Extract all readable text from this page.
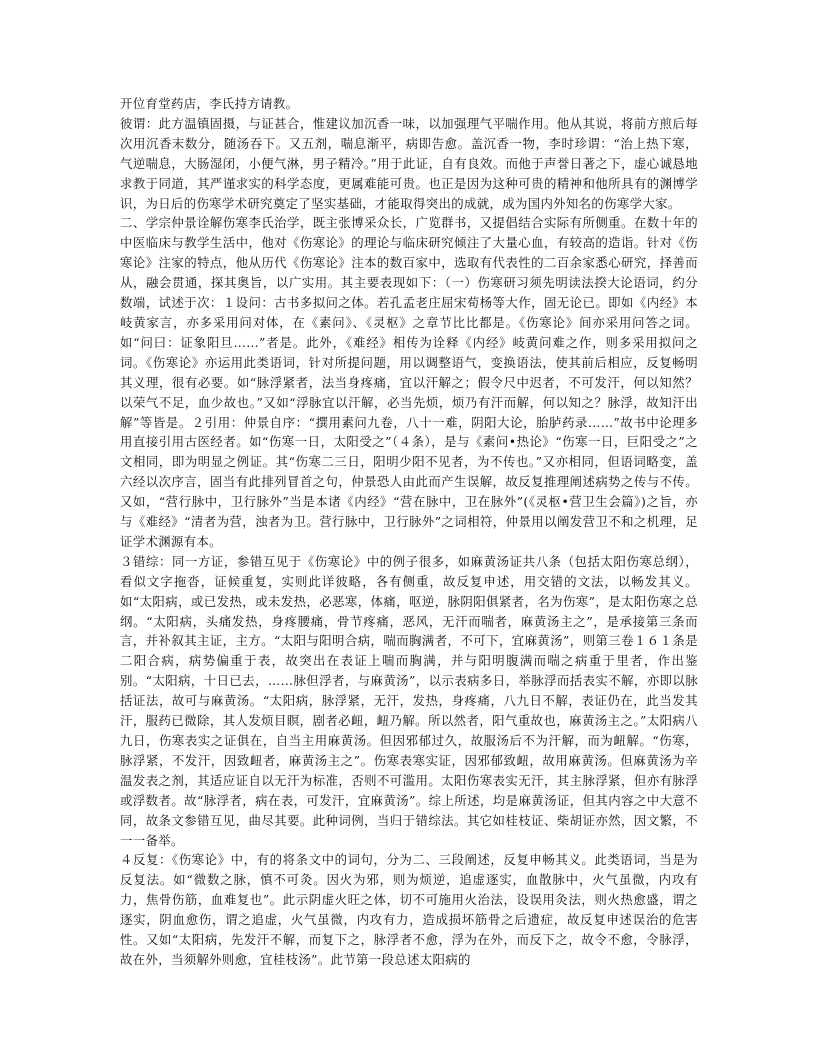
开位育堂药店，李氏持方请教。

彼谓：此方温镇固摄，与证甚合，惟建议加沉香一味，以加强理气平喘作用。他从其说，将前方煎后每次用沉香末数分，随汤吞下。又五剂，喘息渐平，病即告愈。盖沉香一物，李时珍谓：“治上热下寒，气逆喘息，大肠湿闭，小便气淋，男子精冷。”用于此证，自有良效。而他于声誉日著之下，虚心诚恳地求教于同道，其严谨求实的科学态度，更属难能可贵。也正是因为这种可贵的精神和他所具有的渊博学识，为日后的伤寒学术研究奠定了坚实基础，才能取得突出的成就，成为国内外知名的伤寒学大家。

二、学宗仲景诠解伤寒李氏治学，既主张博采众长，广览群书，又提倡结合实际有所侧重。在数十年的中医临床与教学生活中，他对《伤寒论》的理论与临床研究倾注了大量心血，有较高的造诣。针对《伤寒论》注家的特点，他从历代《伤寒论》注本的数百家中，选取有代表性的二百余家悉心研究，择善而从，融会贯通，探其奥旨，以广实用。其主要表现如下：（一）伤寒研习须先明读法揆大论语词，约分数端，试述于次：１设问：古书多拟问之体。若孔孟老庄屈宋荀杨等大作，固无论已。即如《内经》本岐黄家言，亦多采用问对体，在《素问》、《灵枢》之章节比比都是。《伤寒论》间亦采用问答之词。如“问曰：证象阳旦……”者是。此外，《难经》相传为诠释《内经》岐黄问难之作，则多采用拟问之词。《伤寒论》亦运用此类语词，针对所提问题，用以调整语气，变换语法，使其前后相应，反复畅明其义理，很有必要。如“脉浮紧者，法当身疼痛，宜以汗解之；假令尺中迟者，不可发汗，何以知然？以荣气不足，血少故也。”又如“浮脉宜以汗解，必当先烦，烦乃有汗而解，何以知之？脉浮，故知汗出解”等皆是。２引用：仲景自序：“撰用素问九卷，八十一难，阴阳大论，胎胪药录……”故书中论理多用直接引用古医经者。如“伤寒一日，太阳受之”（４条），是与《素问•热论》“伤寒一日，巨阳受之”之文相同，即为明显之例证。其“伤寒二三日，阳明少阳不见者，为不传也。”又亦相同，但语词略变，盖六经以次序言，固当有此排列冒首之句，仲景恐人由此而产生误解，故反复推理阐述病势之传与不传。又如，“营行脉中，卫行脉外”当是本诸《内经》“营在脉中，卫在脉外”(《灵枢•营卫生会篇》)之旨，亦与《难经》“清者为营，浊者为卫。营行脉中，卫行脉外”之词相符，仲景用以阐发营卫不和之机理，足证学术渊源有本。

３错综：同一方证，参错互见于《伤寒论》中的例子很多，如麻黄汤证共八条（包括太阳伤寒总纲），看似文字拖沓，证候重复，实则此详彼略，各有侧重，故反复申述，用交错的文法，以畅发其义。如“太阳病，或已发热，或未发热，必恶寒，体痛，呕逆，脉阴阳俱紧者，名为伤寒”，是太阳伤寒之总纲。“太阳病，头痛发热，身疼腰痛，骨节疼痛，恶风，无汗而喘者，麻黄汤主之”，是承接第三条而言，并补叙其主证，主方。“太阳与阳明合病，喘而胸满者，不可下，宜麻黄汤”，则第三卷１６１条是二阳合病，病势偏重于表，故突出在表证上喘而胸满，并与阳明腹满而喘之病重于里者，作出鉴别。“太阳病，十日已去，……脉但浮者，与麻黄汤”，以示表病多日，举脉浮而括表实不解，亦即以脉括证法，故可与麻黄汤。“太阳病，脉浮紧，无汗，发热，身疼痛，八九日不解，表证仍在，此当发其汗，服药已微除，其人发烦目瞑，剧者必衄，衄乃解。所以然者，阳气重故也，麻黄汤主之。”太阳病八九日，伤寒表实之证俱在，自当主用麻黄汤。但因邪郁过久，故服汤后不为汗解，而为衄解。“伤寒，脉浮紧，不发汗，因致衄者，麻黄汤主之”。伤寒表寒实证，因邪郁致衄，故用麻黄汤。但麻黄汤为辛温发表之剂，其适应证自以无汗为标准，否则不可滥用。太阳伤寒表实无汗，其主脉浮紧，但亦有脉浮或浮数者。故“脉浮者，病在表，可发汗，宜麻黄汤”。综上所述，均是麻黄汤证，但其内容之中大意不同，故条文参错互见，曲尽其要。此种词例，当归于错综法。其它如桂枝证、柴胡证亦然，因文繁，不一一备举。

４反复：《伤寒论》中，有的将条文中的词句，分为二、三段阐述，反复申畅其义。此类语词，当是为反复法。如“微数之脉，慎不可灸。因火为邪，则为烦逆，追虚逐实，血散脉中，火气虽微，内攻有力，焦骨伤筋，血难复也”。此示阴虚火旺之体，切不可施用火治法，设误用灸法，则火热愈盛，谓之逐实，阴血愈伤，谓之追虚，火气虽微，内攻有力，造成损坏筋骨之后遗症，故反复申述误治的危害性。又如“太阳病，先发汗不解，而复下之，脉浮者不愈，浮为在外，而反下之，故令不愈，令脉浮，故在外，当须解外则愈，宜桂枝汤”。此节第一段总述太阳病的
